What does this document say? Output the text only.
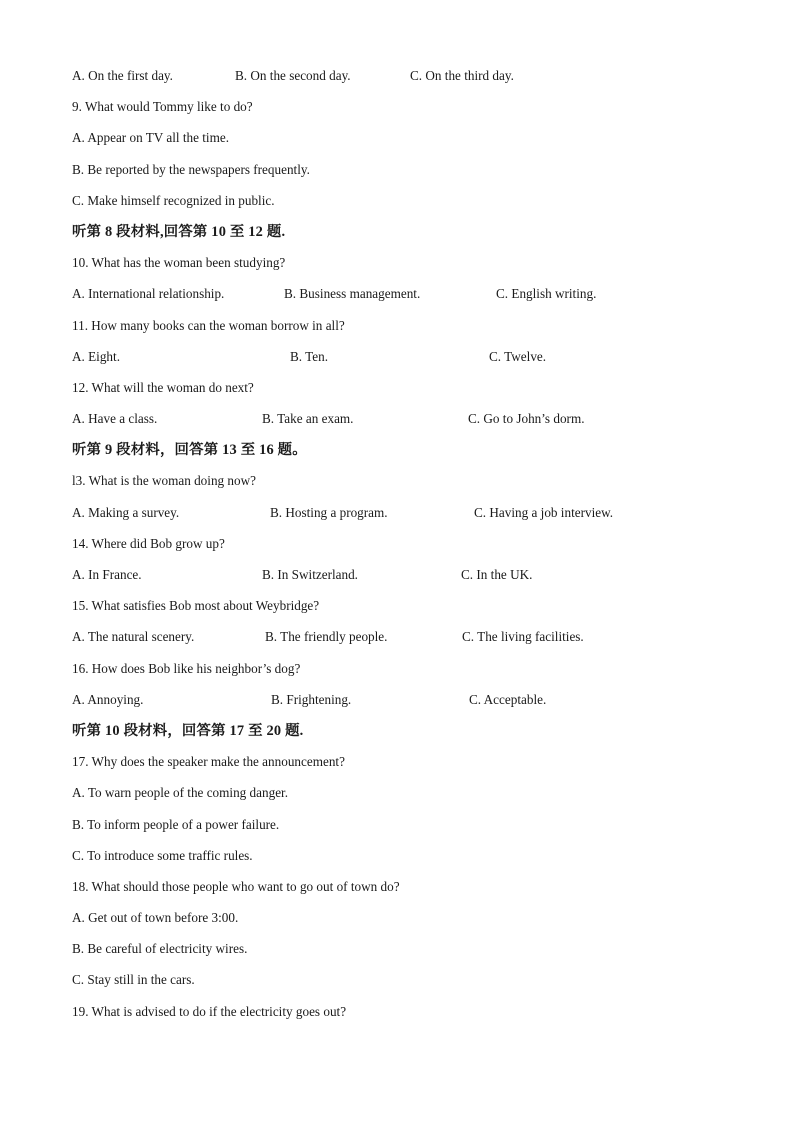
A. On the first day.	B. On the second day.	C. On the third day.
9. What would Tommy like to do?
A. Appear on TV all the time.
B. Be reported by the newspapers frequently.
C. Make himself recognized in public.
听第 8 段材料,回答第 10 至 12 题.
10. What has the woman been studying?
A. International relationship.	B. Business management.	C. English writing.
11. How many books can the woman borrow in all?
A. Eight.	B. Ten.	C. Twelve.
12. What will the woman do next?
A. Have a class.	B. Take an exam.	C. Go to John’s dorm.
听第 9 段材料，回答第 13 至 16 题。
l3. What is the woman doing now?
A. Making a survey.	B. Hosting a program.	C. Having a job interview.
14. Where did Bob grow up?
A. In France.	B. In Switzerland.	C. In the UK.
15. What satisfies Bob most about Weybridge?
A. The natural scenery.	B. The friendly people.	C. The living facilities.
16. How does Bob like his neighbor’s dog?
A. Annoying.	B. Frightening.	C. Acceptable.
听第 10 段材料，回答第 17 至 20 题.
17. Why does the speaker make the announcement?
A. To warn people of the coming danger.
B. To inform people of a power failure.
C. To introduce some traffic rules.
18. What should those people who want to go out of town do?
A. Get out of town before 3:00.
B. Be careful of electricity wires.
C. Stay still in the cars.
19. What is advised to do if the electricity goes out?
